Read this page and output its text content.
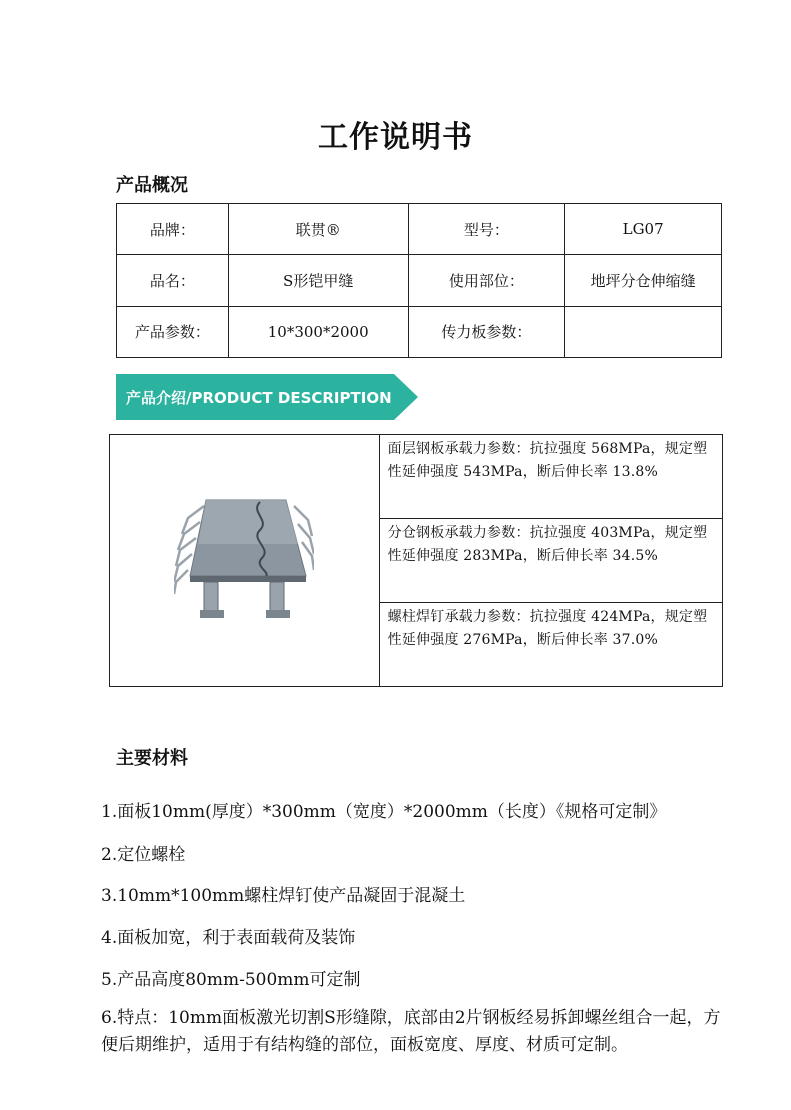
工作说明书
产品概况
品牌：	联贯®	型号：	LG07
品名：	S形铠甲缝	使用部位：	地坪分仓伸缩缝
产品参数：	10*300*2000	传力板参数：	
产品介绍/PRODUCT DESCRIPTION
	面层钢板承载力参数：抗拉强度 568MPa，规定塑性延伸强度 543MPa，断后伸长率 13.8%
分仓钢板承载力参数：抗拉强度 403MPa，规定塑性延伸强度 283MPa，断后伸长率 34.5%
螺柱焊钉承载力参数：抗拉强度 424MPa，规定塑性延伸强度 276MPa，断后伸长率 37.0%
主要材料
1.面板10mm(厚度）*300mm（宽度）*2000mm（长度）《规格可定制》
2.定位螺栓
3.10mm*100mm螺柱焊钉使产品凝固于混凝土
4.面板加宽，利于表面载荷及装饰
5.产品高度80mm-500mm可定制
6.特点：10mm面板激光切割S形缝隙，底部由2片钢板经易拆卸螺丝组合一起，方便后期维护，适用于有结构缝的部位，面板宽度、厚度、材质可定制。
